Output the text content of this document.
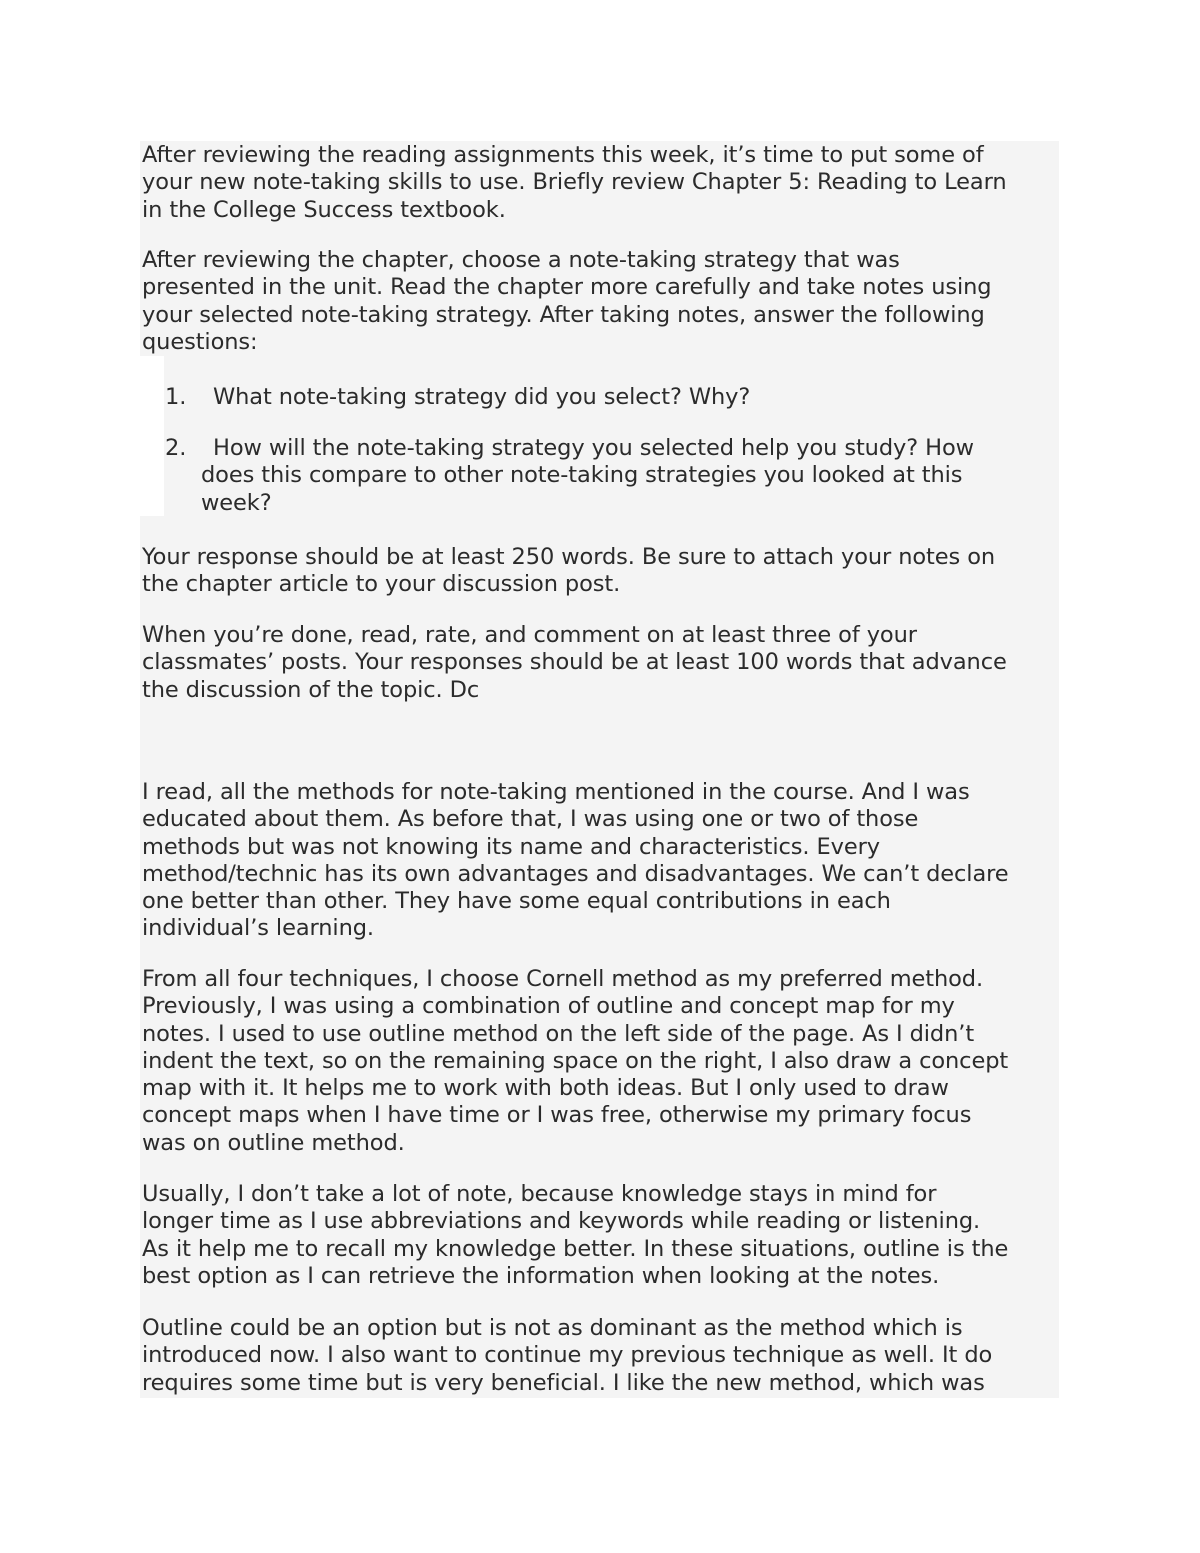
After reviewing the reading assignments this week, it’s time to put some of
your new note-taking skills to use. Briefly review Chapter 5: Reading to Learn
in the College Success textbook.
After reviewing the chapter, choose a note-taking strategy that was
presented in the unit. Read the chapter more carefully and take notes using
your selected note-taking strategy. After taking notes, answer the following
questions:
1. What note-taking strategy did you select? Why?
2. How will the note-taking strategy you selected help you study? How
does this compare to other note-taking strategies you looked at this
week?
Your response should be at least 250 words. Be sure to attach your notes on
the chapter article to your discussion post.
When you’re done, read, rate, and comment on at least three of your
classmates’ posts. Your responses should be at least 100 words that advance
the discussion of the topic. Dc
I read, all the methods for note-taking mentioned in the course. And I was
educated about them. As before that, I was using one or two of those
methods but was not knowing its name and characteristics. Every
method/technic has its own advantages and disadvantages. We can’t declare
one better than other. They have some equal contributions in each
individual’s learning.
From all four techniques, I choose Cornell method as my preferred method.
Previously, I was using a combination of outline and concept map for my
notes. I used to use outline method on the left side of the page. As I didn’t
indent the text, so on the remaining space on the right, I also draw a concept
map with it. It helps me to work with both ideas. But I only used to draw
concept maps when I have time or I was free, otherwise my primary focus
was on outline method.
Usually, I don’t take a lot of note, because knowledge stays in mind for
longer time as I use abbreviations and keywords while reading or listening.
As it help me to recall my knowledge better. In these situations, outline is the
best option as I can retrieve the information when looking at the notes.
Outline could be an option but is not as dominant as the method which is
introduced now. I also want to continue my previous technique as well. It do
requires some time but is very beneficial. I like the new method, which was
